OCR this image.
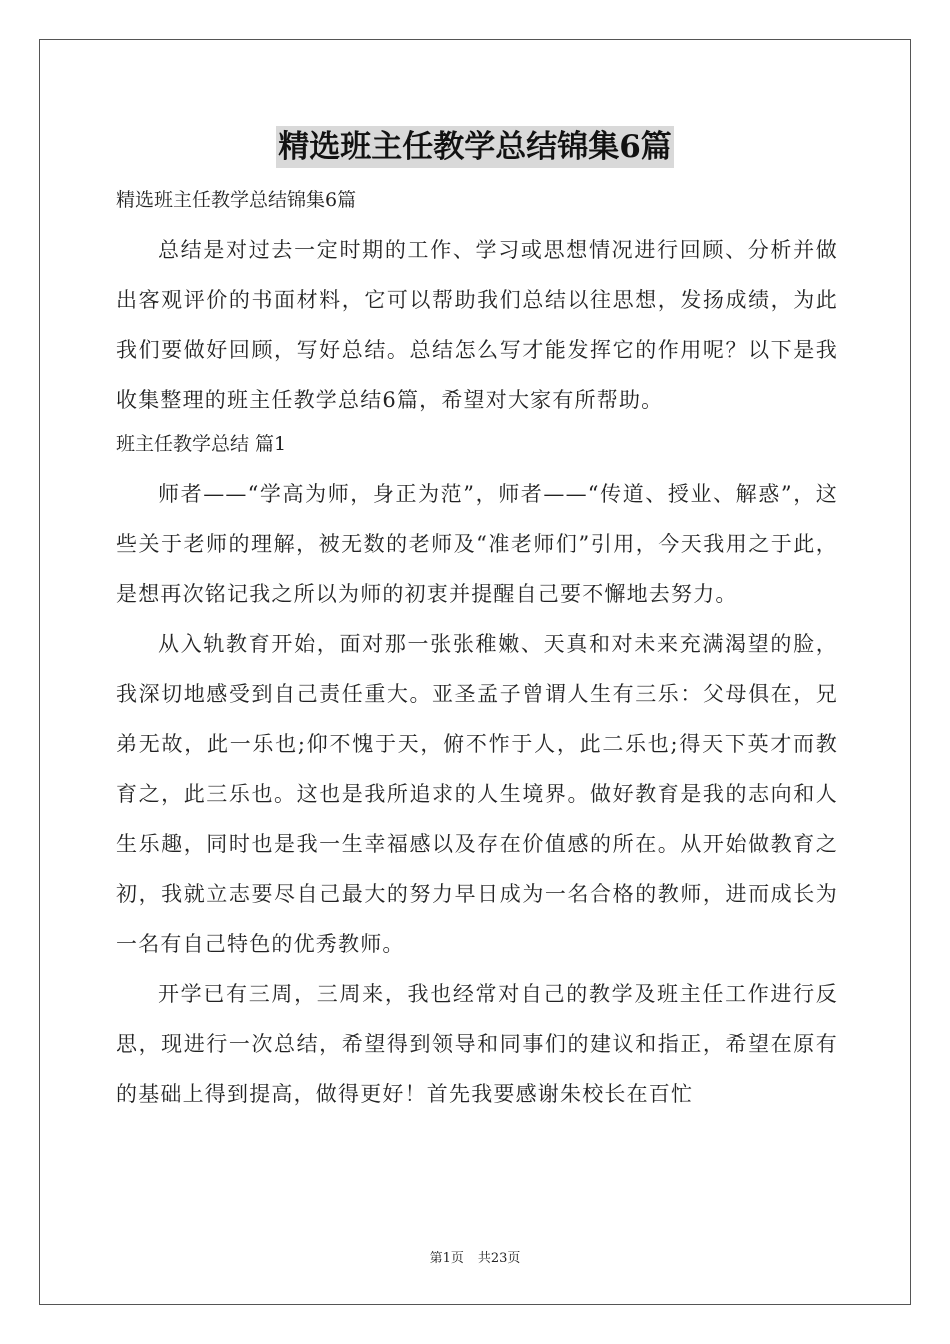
精选班主任教学总结锦集6篇

精选班主任教学总结锦集6篇

总结是对过去一定时期的工作、学习或思想情况进行回顾、分析并做出客观评价的书面材料，它可以帮助我们总结以往思想，发扬成绩，为此我们要做好回顾，写好总结。总结怎么写才能发挥它的作用呢？以下是我收集整理的班主任教学总结6篇，希望对大家有所帮助。

班主任教学总结 篇1

师者——“学高为师，身正为范”，师者——“传道、授业、解惑”，这些关于老师的理解，被无数的老师及“准老师们”引用，今天我用之于此，是想再次铭记我之所以为师的初衷并提醒自己要不懈地去努力。

从入轨教育开始，面对那一张张稚嫩、天真和对未来充满渴望的脸，我深切地感受到自己责任重大。亚圣孟子曾谓人生有三乐：父母俱在，兄弟无故，此一乐也;仰不愧于天，俯不怍于人，此二乐也;得天下英才而教育之，此三乐也。这也是我所追求的人生境界。做好教育是我的志向和人生乐趣，同时也是我一生幸福感以及存在价值感的所在。从开始做教育之初，我就立志要尽自己最大的努力早日成为一名合格的教师，进而成长为一名有自己特色的优秀教师。

开学已有三周，三周来，我也经常对自己的教学及班主任工作进行反思，现进行一次总结，希望得到领导和同事们的建议和指正，希望在原有的基础上得到提高，做得更好！首先我要感谢朱校长在百忙

第1页 共23页
